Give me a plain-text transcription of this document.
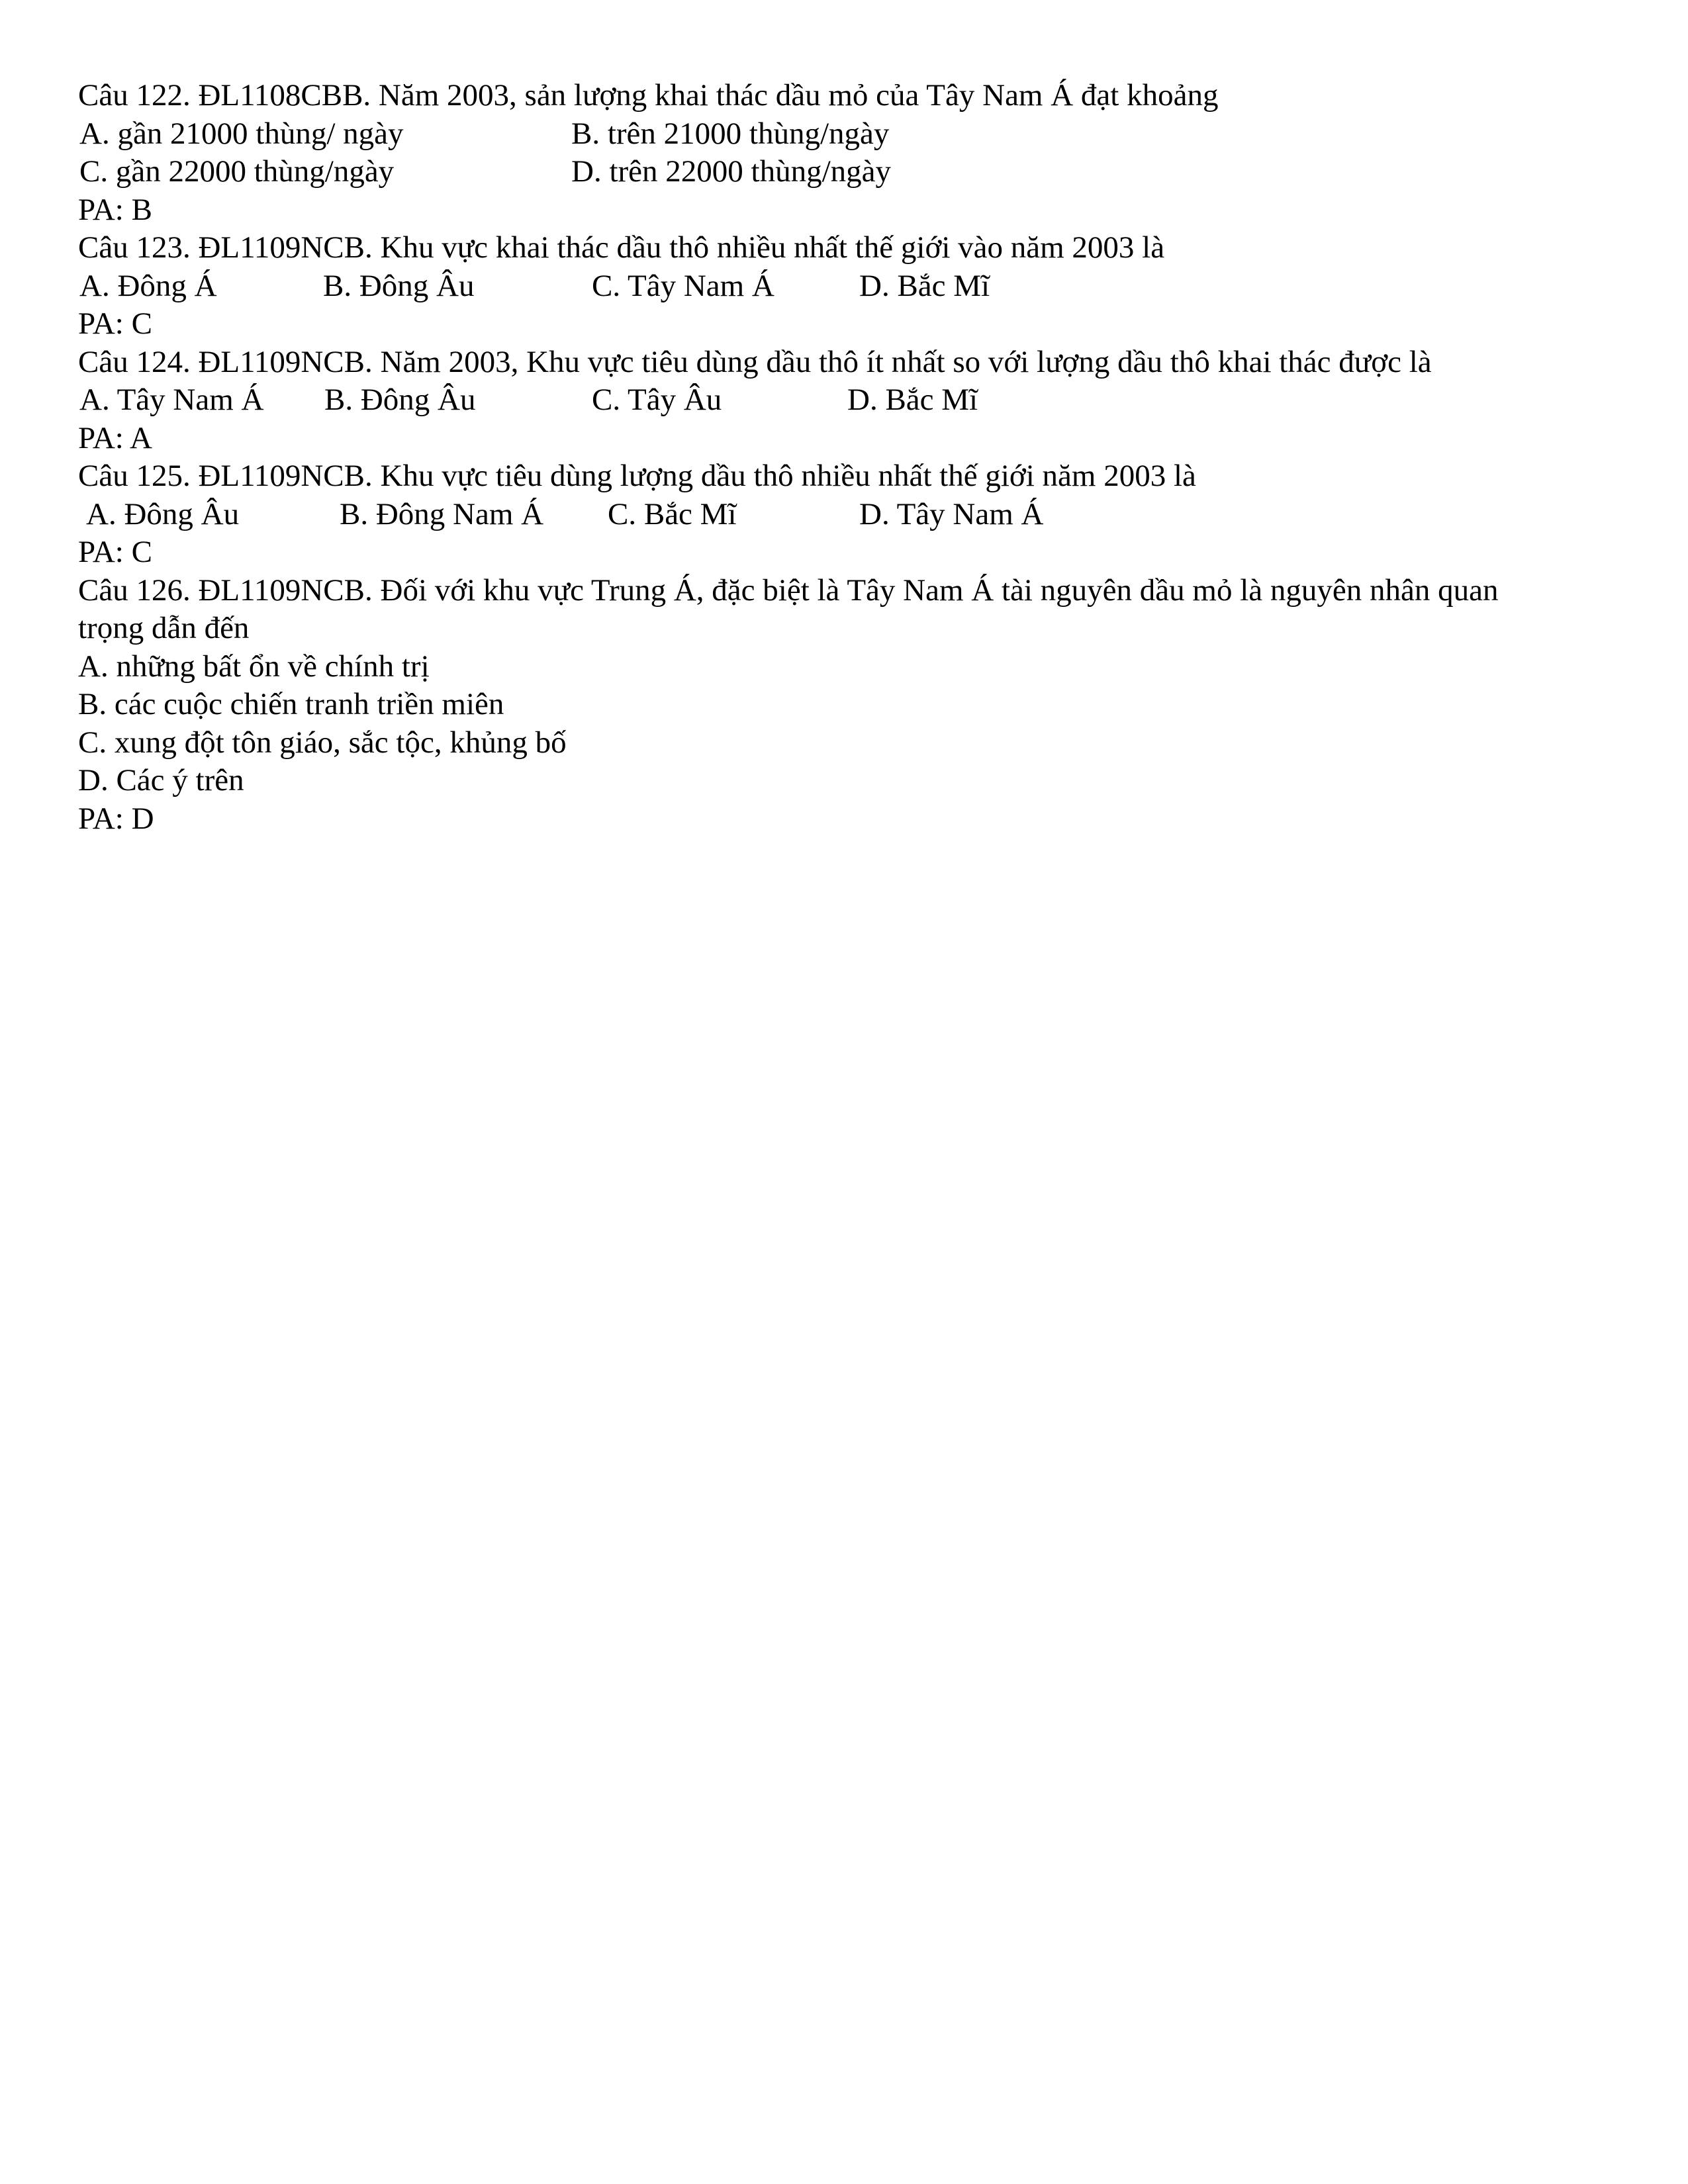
Câu 122. ĐL1108CBB. Năm 2003, sản lượng khai thác dầu mỏ của Tây Nam Á đạt khoảng
A. gần 21000 thùng/ ngày	B. trên 21000 thùng/ngày
C. gần 22000 thùng/ngày	D. trên 22000 thùng/ngày
PA: B
Câu 123. ĐL1109NCB. Khu vực khai thác dầu thô nhiều nhất thế giới vào năm 2003 là
A. Đông Á	B. Đông Âu	C. Tây Nam Á	D. Bắc Mĩ
PA: C
Câu 124. ĐL1109NCB. Năm 2003, Khu vực tiêu dùng dầu thô ít nhất so với lượng dầu thô khai thác được là
A. Tây Nam Á B. Đông Âu	C. Tây Âu	D. Bắc Mĩ
PA: A
Câu 125. ĐL1109NCB. Khu vực tiêu dùng lượng dầu thô nhiều nhất thế giới năm 2003 là
A. Đông Âu	B. Đông Nam Á C. Bắc Mĩ	D. Tây Nam Á
PA: C
Câu 126. ĐL1109NCB. Đối với khu vực Trung Á, đặc biệt là Tây Nam Á tài nguyên dầu mỏ là nguyên nhân quan
trọng dẫn đến
A. những bất ổn về chính trị
B. các cuộc chiến tranh triền miên
C. xung đột tôn giáo, sắc tộc, khủng bố
D. Các ý trên
PA: D
